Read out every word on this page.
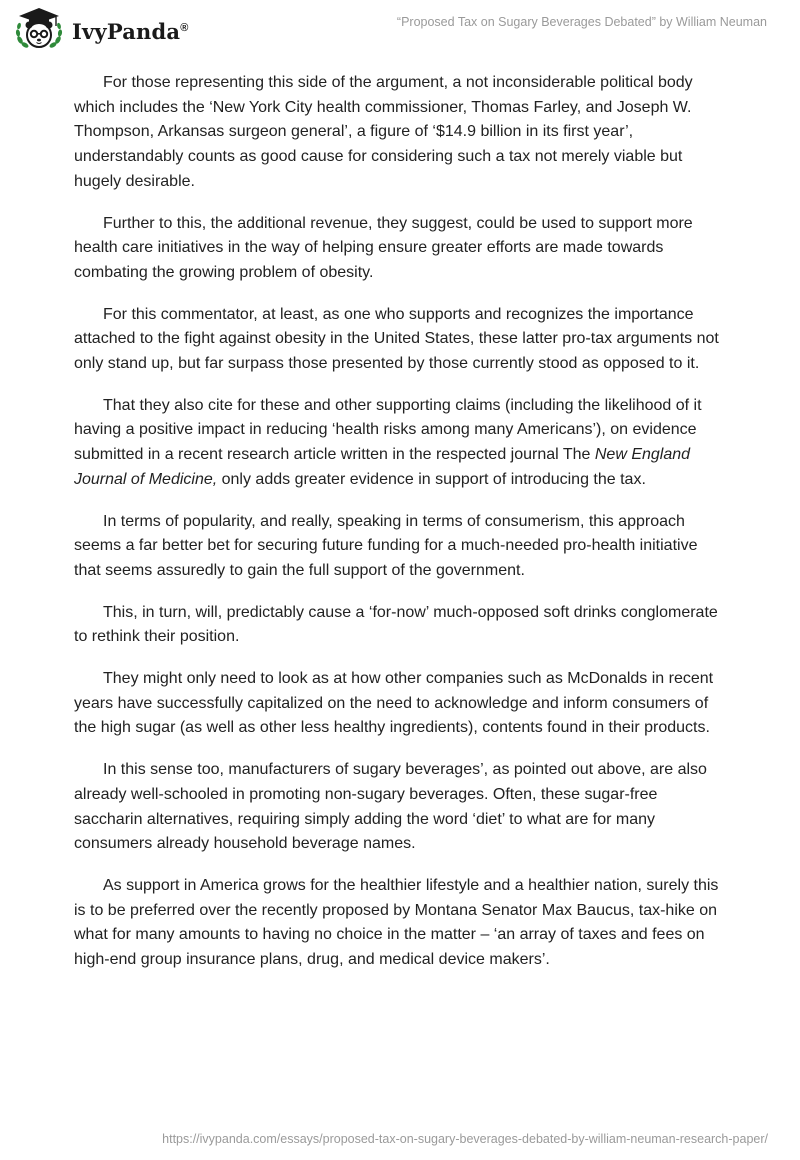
IvyPanda®	“Proposed Tax on Sugary Beverages Debated” by William Neuman

For those representing this side of the argument, a not inconsiderable political body which includes the ‘New York City health commissioner, Thomas Farley, and Joseph W. Thompson, Arkansas surgeon general’, a figure of ‘$14.9 billion in its first year’, understandably counts as good cause for considering such a tax not merely viable but hugely desirable.

Further to this, the additional revenue, they suggest, could be used to support more health care initiatives in the way of helping ensure greater efforts are made towards combating the growing problem of obesity.

For this commentator, at least, as one who supports and recognizes the importance attached to the fight against obesity in the United States, these latter pro-tax arguments not only stand up, but far surpass those presented by those currently stood as opposed to it.

That they also cite for these and other supporting claims (including the likelihood of it having a positive impact in reducing ‘health risks among many Americans’), on evidence submitted in a recent research article written in the respected journal The New England Journal of Medicine, only adds greater evidence in support of introducing the tax.

In terms of popularity, and really, speaking in terms of consumerism, this approach seems a far better bet for securing future funding for a much-needed pro-health initiative that seems assuredly to gain the full support of the government.

This, in turn, will, predictably cause a ‘for-now’ much-opposed soft drinks conglomerate to rethink their position.

They might only need to look as at how other companies such as McDonalds in recent years have successfully capitalized on the need to acknowledge and inform consumers of the high sugar (as well as other less healthy ingredients), contents found in their products.

In this sense too, manufacturers of sugary beverages’, as pointed out above, are also already well-schooled in promoting non-sugary beverages. Often, these sugar-free saccharin alternatives, requiring simply adding the word ‘diet’ to what are for many consumers already household beverage names.

As support in America grows for the healthier lifestyle and a healthier nation, surely this is to be preferred over the recently proposed by Montana Senator Max Baucus, tax-hike on what for many amounts to having no choice in the matter – ‘an array of taxes and fees on high-end group insurance plans, drug, and medical device makers’.

https://ivypanda.com/essays/proposed-tax-on-sugary-beverages-debated-by-william-neuman-research-paper/
